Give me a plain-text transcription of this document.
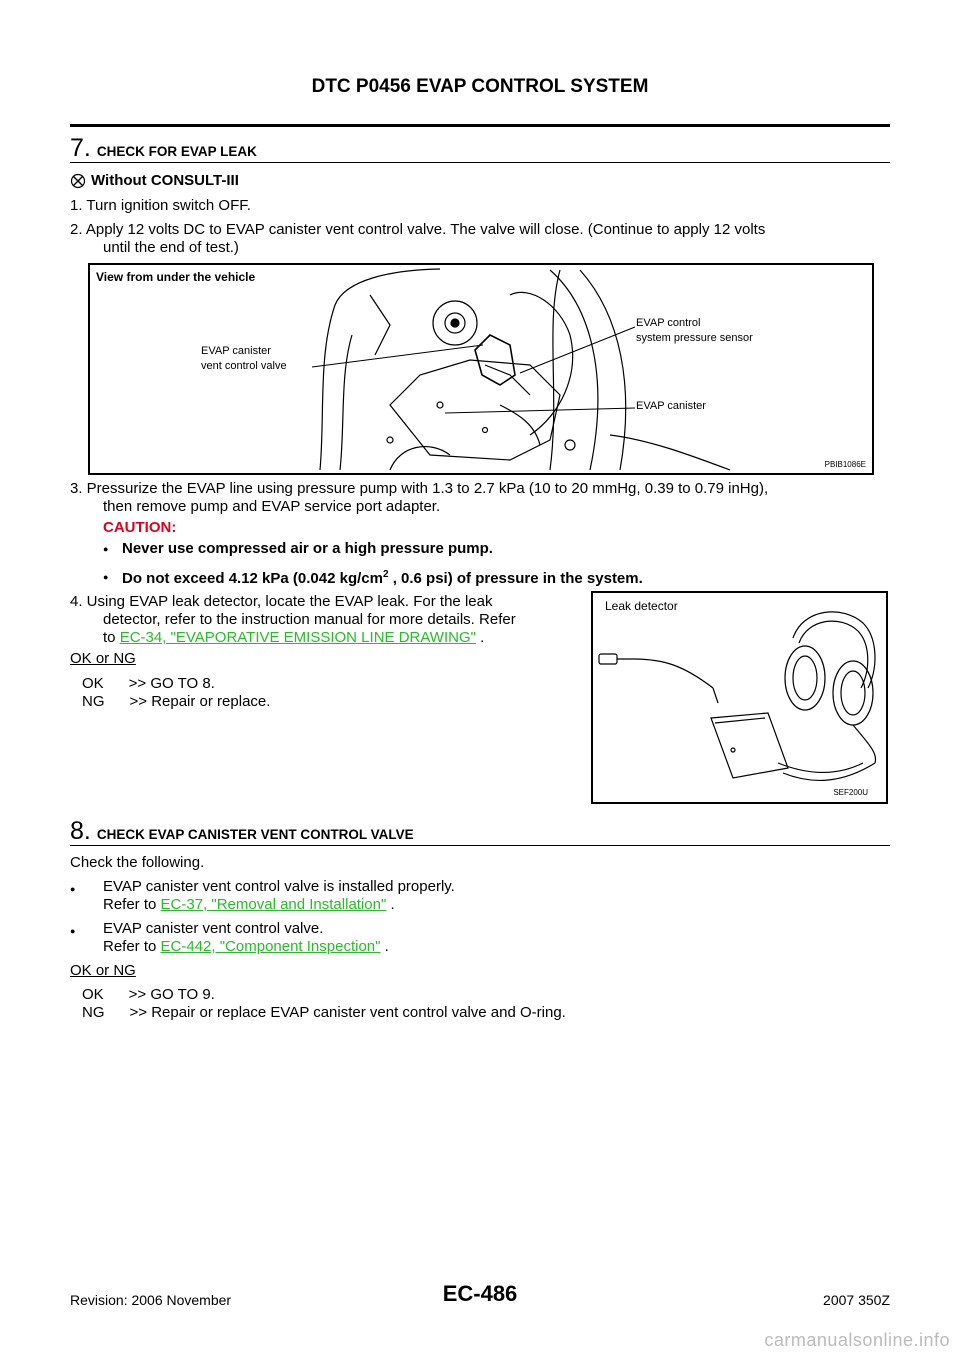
DTC P0456 EVAP CONTROL SYSTEM
7. CHECK FOR EVAP LEAK
Without CONSULT-III
1. Turn ignition switch OFF.
2. Apply 12 volts DC to EVAP canister vent control valve. The valve will close. (Continue to apply 12 volts
until the end of test.)
View from under the vehicle
EVAP canister
vent control valve
EVAP control
system pressure sensor
EVAP canister
PBIB1086E
3. Pressurize the EVAP line using pressure pump with 1.3 to 2.7 kPa (10 to 20 mmHg, 0.39 to 0.79 inHg),
then remove pump and EVAP service port adapter.
CAUTION:
● Never use compressed air or a high pressure pump.
● Do not exceed 4.12 kPa (0.042 $kg/cm^2$ , 0.6 psi) of pressure in the system.
4. Using EVAP leak detector, locate the EVAP leak. For the leak
detector, refer to the instruction manual for more details. Refer
to EC-34, "EVAPORATIVE EMISSION LINE DRAWING" .
Leak detector
SEF200U
OK or NG
OK      >> GO TO 8.
NG      >> Repair or replace.
8. CHECK EVAP CANISTER VENT CONTROL VALVE
Check the following.
● EVAP canister vent control valve is installed properly.
Refer to EC-37, "Removal and Installation" .
● EVAP canister vent control valve.
Refer to EC-442, "Component Inspection" .
OK or NG
OK      >> GO TO 9.
NG      >> Repair or replace EVAP canister vent control valve and O-ring.
Revision: 2006 November	EC-486	2007 350Z
carmanualsonline.info
